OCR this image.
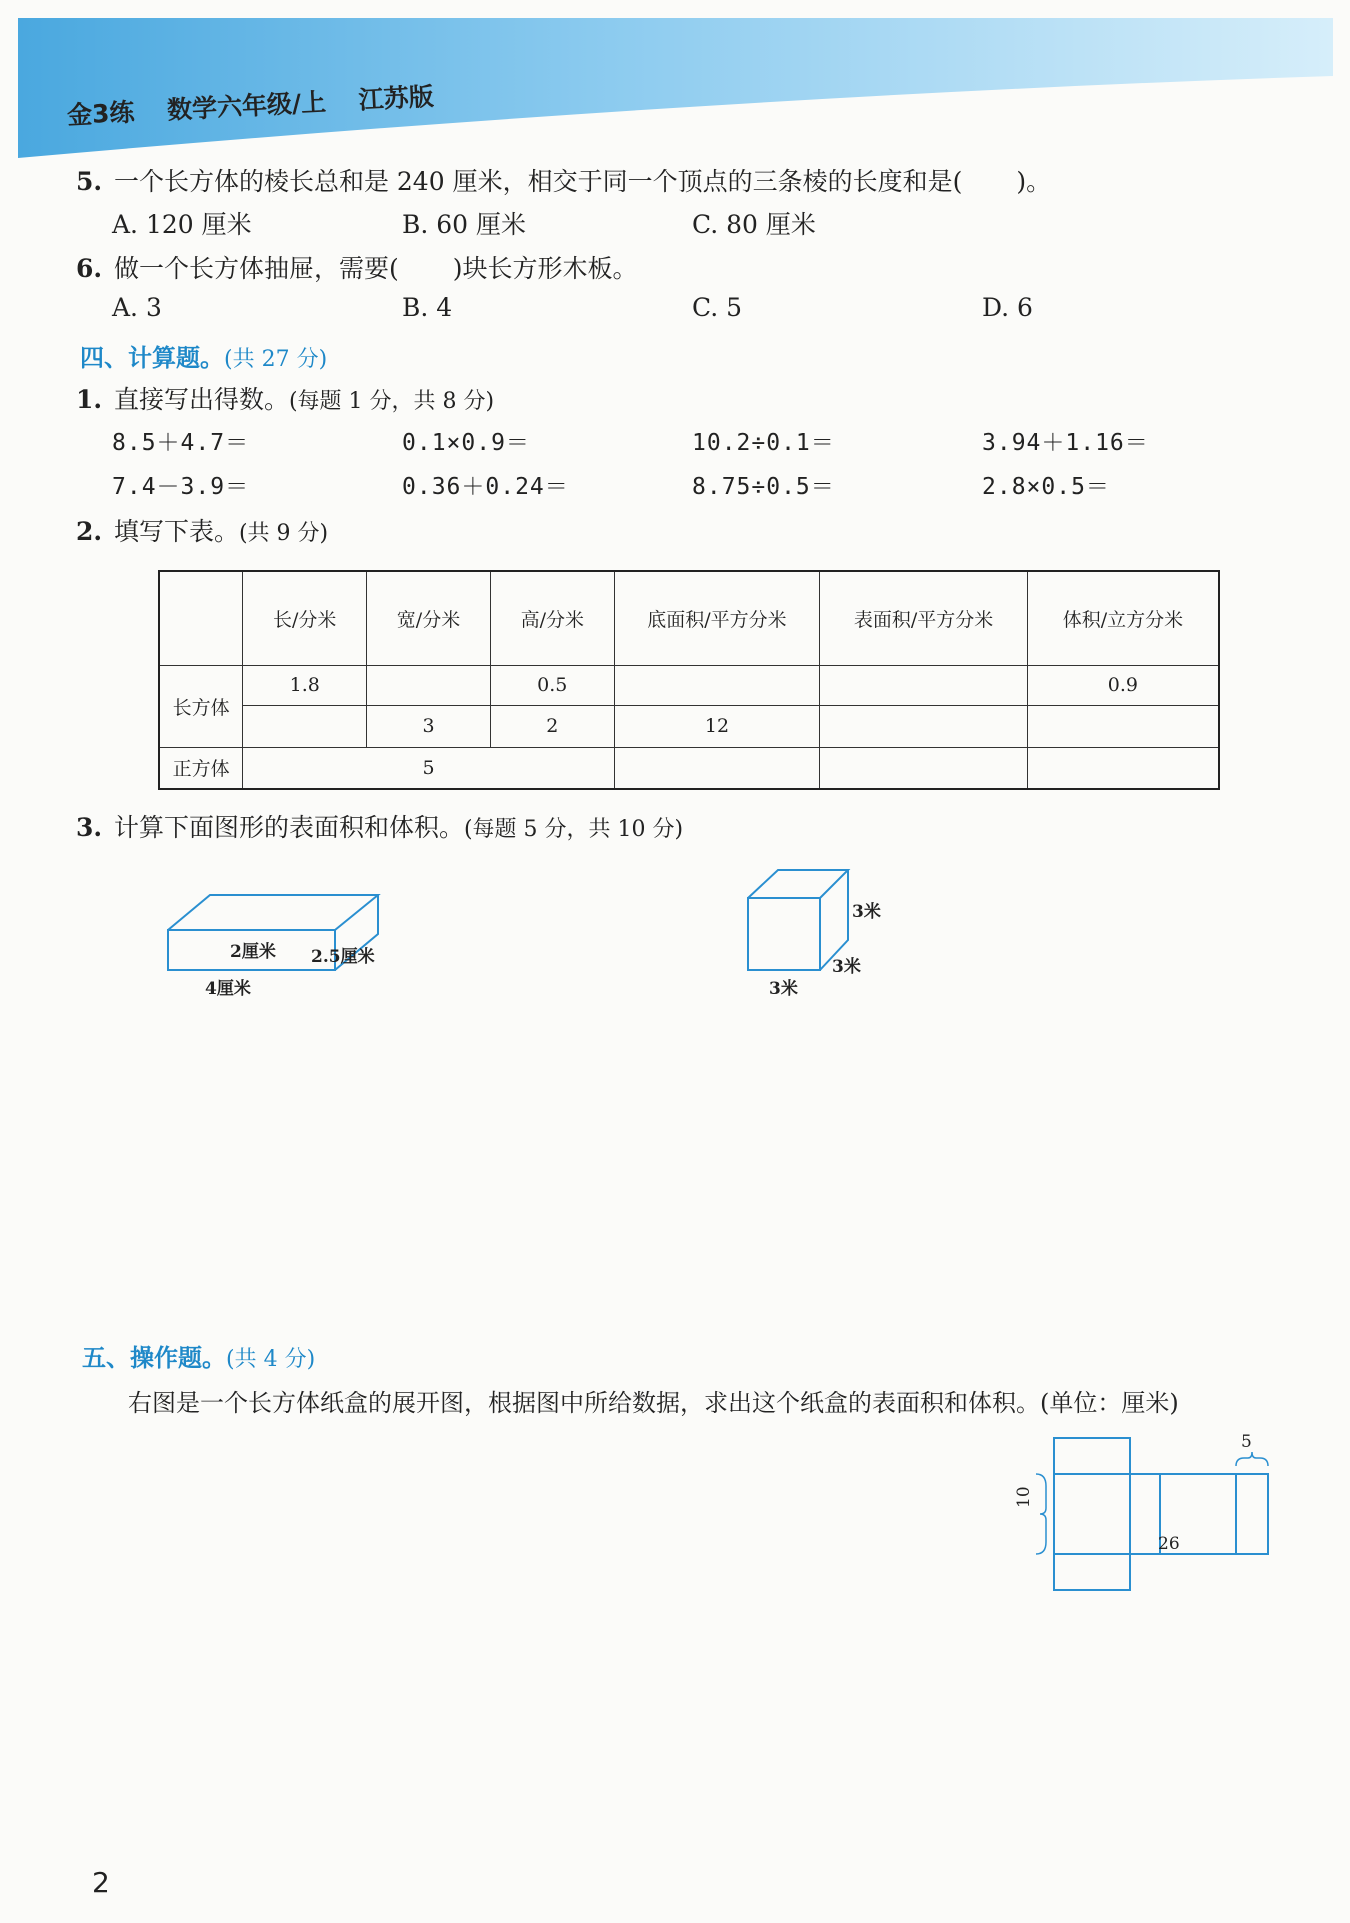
金3练 数学六年级/上 江苏版
5. 一个长方体的棱长总和是 240 厘米，相交于同一个顶点的三条棱的长度和是( )。
A. 120 厘米	B. 60 厘米	C. 80 厘米
6. 做一个长方体抽屉，需要( )块长方形木板。
A. 3	B. 4	C. 5	D. 6
四、计算题。(共 27 分)
1. 直接写出得数。(每题 1 分，共 8 分)
8.5＋4.7＝	0.1×0.9＝	10.2÷0.1＝	3.94＋1.16＝
7.4－3.9＝	0.36＋0.24＝	8.75÷0.5＝	2.8×0.5＝
2. 填写下表。(共 9 分)
	长/分米	宽/分米	高/分米	底面积/平方分米	表面积/平方分米	体积/立方分米
长方体	1.8		0.5			0.9
		3	2	12		
正方体	5					
3. 计算下面图形的表面积和体积。(每题 5 分，共 10 分)
2厘米 2.5厘米
4厘米
3米
3米
3米
五、操作题。(共 4 分)
右图是一个长方体纸盒的展开图，根据图中所给数据，求出这个纸盒的表面积和体积。(单位：厘米)
5
10
26
2
